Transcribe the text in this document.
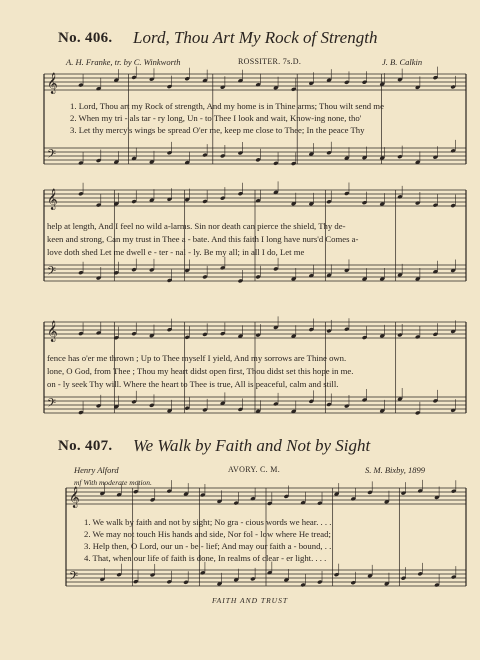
𝄞
𝄢
𝄞
𝄢
𝄞
𝄢
𝄞
𝄢
No. 406. Lord, Thou Art My Rock of Strength
A. H. Franke, tr. by C. Winkworth	ROSSITER. 7s.D.	J. B. Calkin
1. Lord, Thou art my Rock of strength, And my home is in Thine arms; Thou wilt send me
2. When my tri - als tar - ry long, Un - to Thee I look and wait, Know-ing none, tho'
3. Let thy mercy's wings be spread O'er me, keep me close to Thee; In the peace Thy
help at length, And I feel no wild a-larms. Sin nor death can pierce the shield, Thy de-
keen and strong, Can my trust in Thee a - bate. And this faith I long have nurs'd Comes a-
love doth shed Let me dwell e - ter - nal - ly. Be my all; in all I do, Let me
fence has o'er me thrown ; Up to Thee myself I yield, And my sorrows are Thine own.
lone, O God, from Thee ; Thou my heart didst open first, Thou didst set this hope in me.
on - ly seek Thy will. Where the heart to Thee is true, All is peaceful, calm and still.
No. 407. We Walk by Faith and Not by Sight
Henry Alford	AVORY. C. M.	S. M. Bixby, 1899
mf With moderate motion.
1. We walk by faith and not by sight; No gra - cious words we hear. . . .
2. We may not touch His hands and side, Nor fol - low where He tread;
3. Help then, O Lord, our un - be - lief; And may our faith a - bound, . .
4. That, when our life of faith is done, In realms of clear - er light. . . .
FAITH AND TRUST
